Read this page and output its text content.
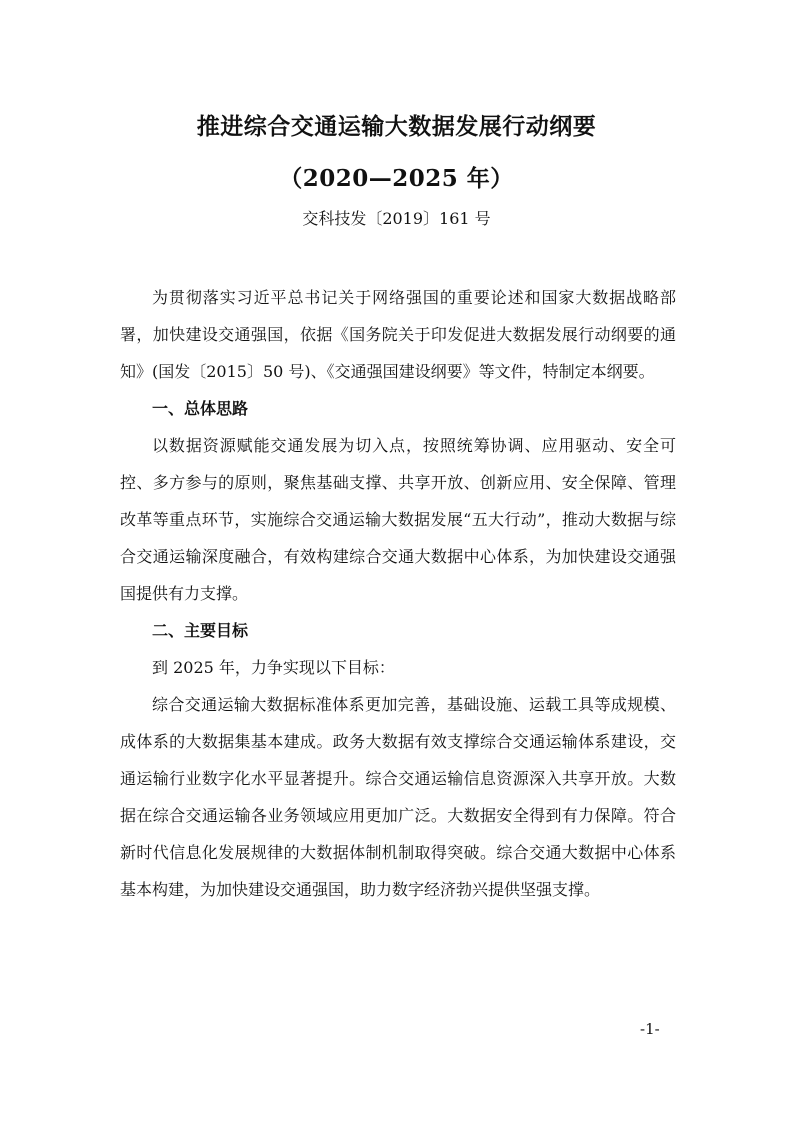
推进综合交通运输大数据发展行动纲要
（2020—2025 年）
交科技发〔2019〕161 号

为贯彻落实习近平总书记关于网络强国的重要论述和国家大数据战略部署，加快建设交通强国，依据《国务院关于印发促进大数据发展行动纲要的通知》(国发〔2015〕50 号)、《交通强国建设纲要》等文件，特制定本纲要。

一、总体思路

以数据资源赋能交通发展为切入点，按照统筹协调、应用驱动、安全可控、多方参与的原则，聚焦基础支撑、共享开放、创新应用、安全保障、管理改革等重点环节，实施综合交通运输大数据发展“五大行动”，推动大数据与综合交通运输深度融合，有效构建综合交通大数据中心体系，为加快建设交通强国提供有力支撑。

二、主要目标

到 2025 年，力争实现以下目标：

综合交通运输大数据标准体系更加完善，基础设施、运载工具等成规模、成体系的大数据集基本建成。政务大数据有效支撑综合交通运输体系建设，交通运输行业数字化水平显著提升。综合交通运输信息资源深入共享开放。大数据在综合交通运输各业务领域应用更加广泛。大数据安全得到有力保障。符合新时代信息化发展规律的大数据体制机制取得突破。综合交通大数据中心体系基本构建，为加快建设交通强国，助力数字经济勃兴提供坚强支撑。

-1-
